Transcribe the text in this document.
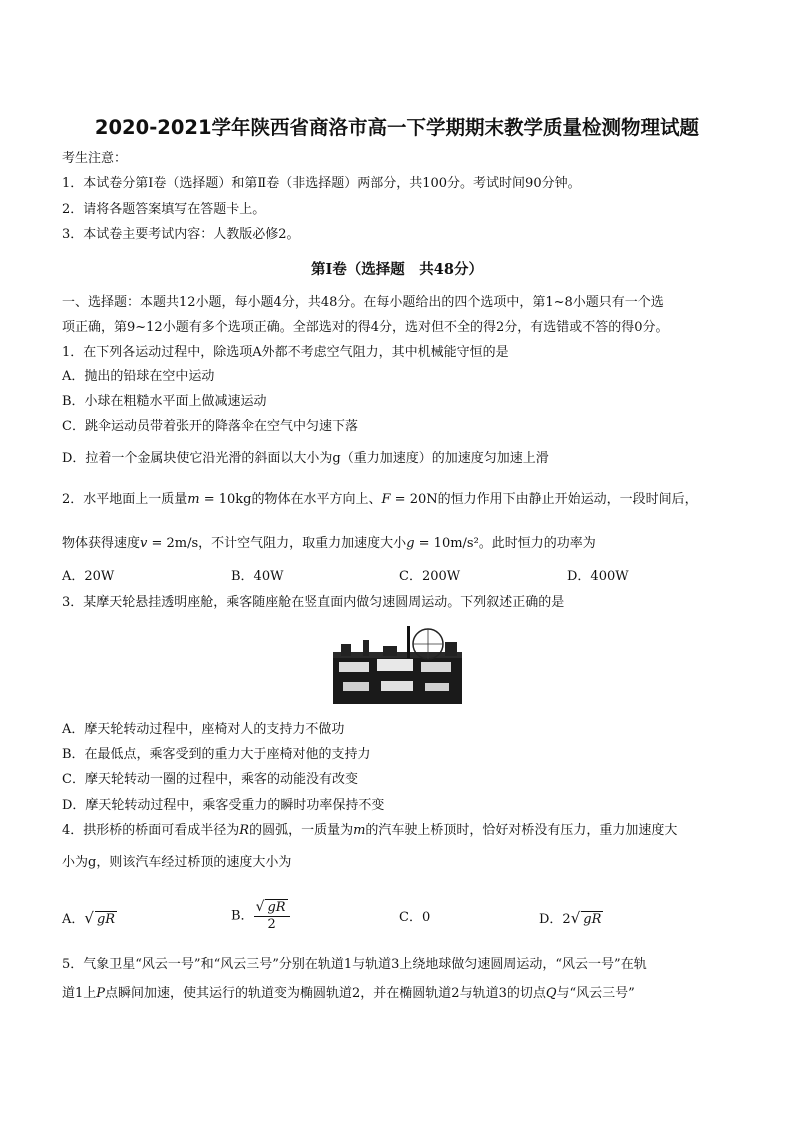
2020-2021学年陕西省商洛市高一下学期期末教学质量检测物理试题
考生注意：
1．本试卷分第Ⅰ卷（选择题）和第Ⅱ卷（非选择题）两部分，共100分。考试时间90分钟。
2．请将各题答案填写在答题卡上。
3．本试卷主要考试内容：人教版必修2。
第Ⅰ卷（选择题　共48分）
一、选择题：本题共12小题，每小题4分，共48分。在每小题给出的四个选项中，第1~8小题只有一个选
项正确，第9~12小题有多个选项正确。全部选对的得4分，选对但不全的得2分，有选错或不答的得0分。
1．在下列各运动过程中，除选项A外都不考虑空气阻力，其中机械能守恒的是
A．抛出的铅球在空中运动
B．小球在粗糙水平面上做减速运动
C．跳伞运动员带着张开的降落伞在空气中匀速下落
D．拉着一个金属块使它沿光滑的斜面以大小为g（重力加速度）的加速度匀加速上滑
2．水平地面上一质量m = 10kg的物体在水平方向上、F = 20N的恒力作用下由静止开始运动，一段时间后，
物体获得速度v = 2m/s，不计空气阻力，取重力加速度大小g = 10m/s²。此时恒力的功率为
A．20W	B．40W	C．200W	D．400W
3．某摩天轮悬挂透明座舱，乘客随座舱在竖直面内做匀速圆周运动。下列叙述正确的是
A．摩天轮转动过程中，座椅对人的支持力不做功
B．在最低点，乘客受到的重力大于座椅对他的支持力
C．摩天轮转动一圈的过程中，乘客的动能没有改变
D．摩天轮转动过程中，乘客受重力的瞬时功率保持不变
4．拱形桥的桥面可看成半径为R的圆弧，一质量为m的汽车驶上桥顶时，恰好对桥没有压力，重力加速度大
小为g，则该汽车经过桥顶的速度大小为
A．√ gR	B． $\frac{√ gR}{2}$	C．0	D．2√ gR
5．气象卫星“风云一号”和“风云三号”分别在轨道1与轨道3上绕地球做匀速圆周运动，“风云一号”在轨
道1上P点瞬间加速，使其运行的轨道变为椭圆轨道2，并在椭圆轨道2与轨道3的切点Q与“风云三号”
